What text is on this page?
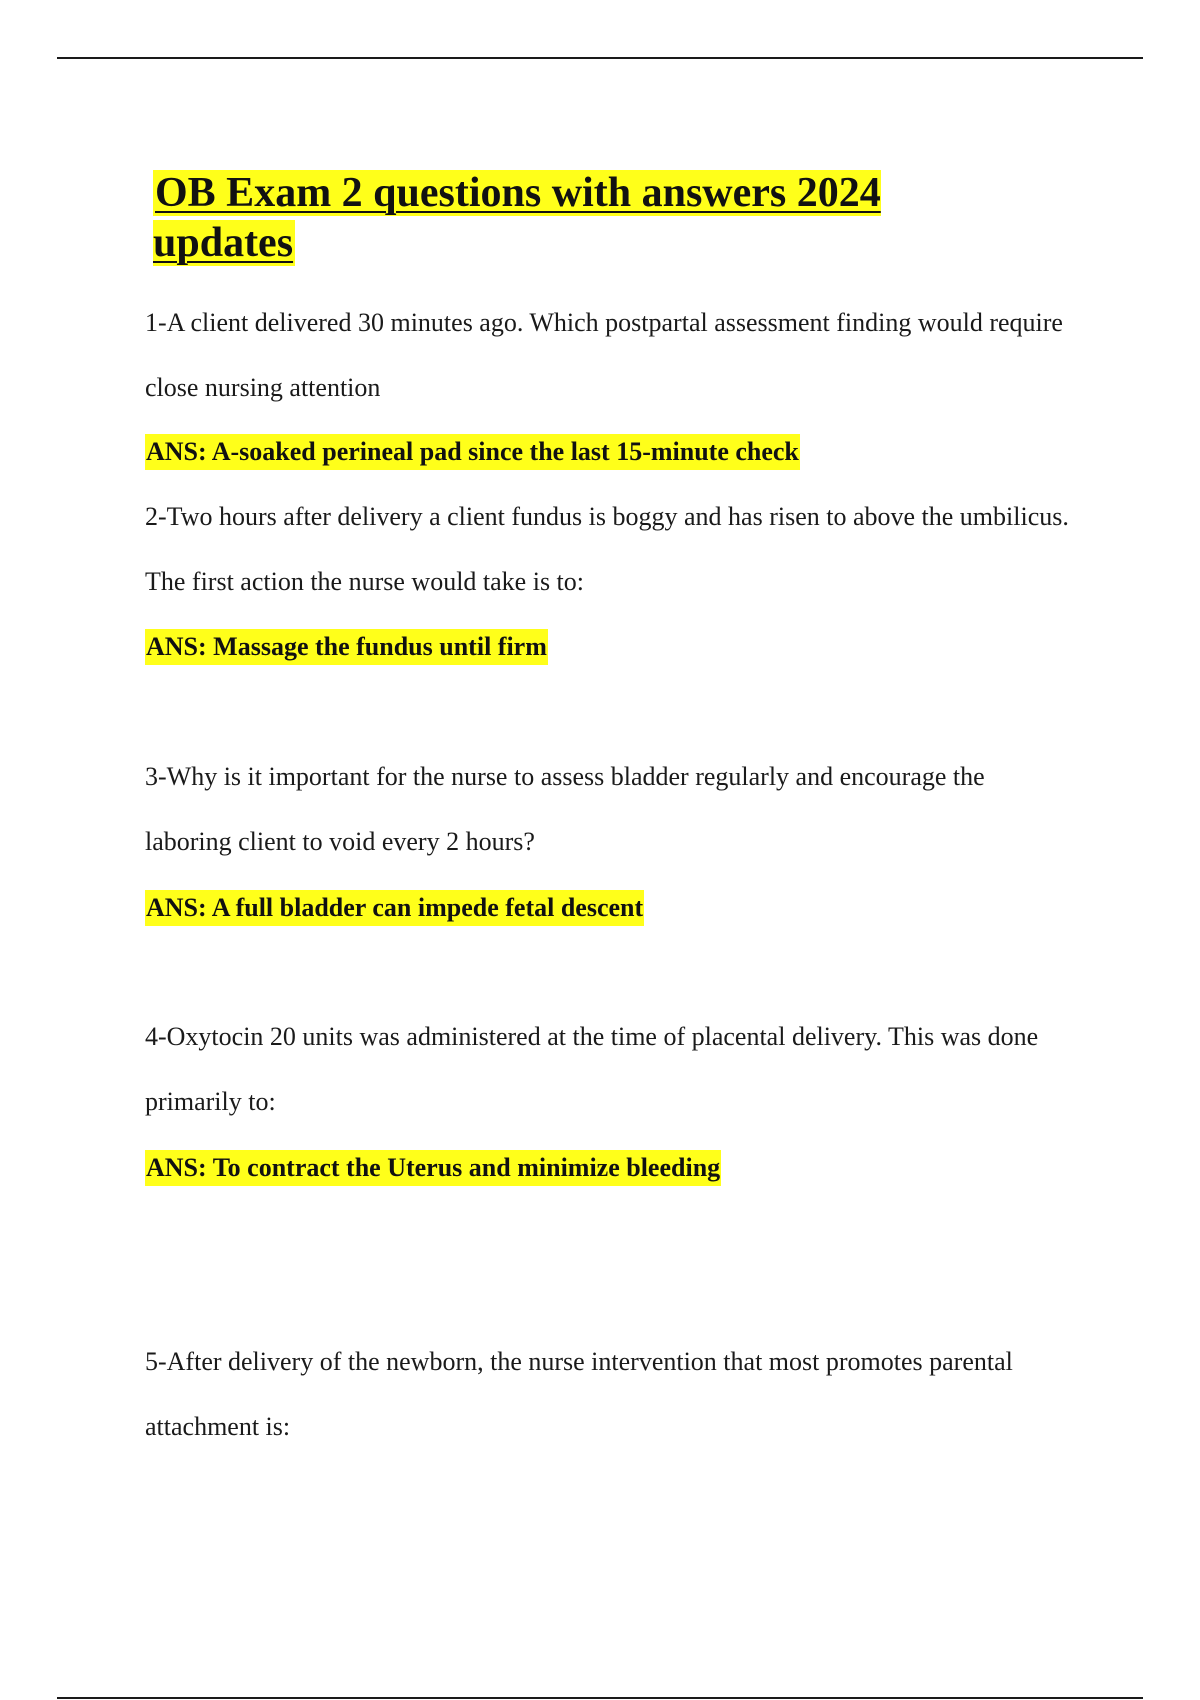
OB Exam 2 questions with answers 2024 updates

1-A client delivered 30 minutes ago. Which postpartal assessment finding would require close nursing attention

ANS: A-soaked perineal pad since the last 15-minute check

2-Two hours after delivery a client fundus is boggy and has risen to above the umbilicus. The first action the nurse would take is to:

ANS: Massage the fundus until firm

3-Why is it important for the nurse to assess bladder regularly and encourage the laboring client to void every 2 hours?

ANS: A full bladder can impede fetal descent

4-Oxytocin 20 units was administered at the time of placental delivery. This was done primarily to:

ANS: To contract the Uterus and minimize bleeding

5-After delivery of the newborn, the nurse intervention that most promotes parental attachment is:
